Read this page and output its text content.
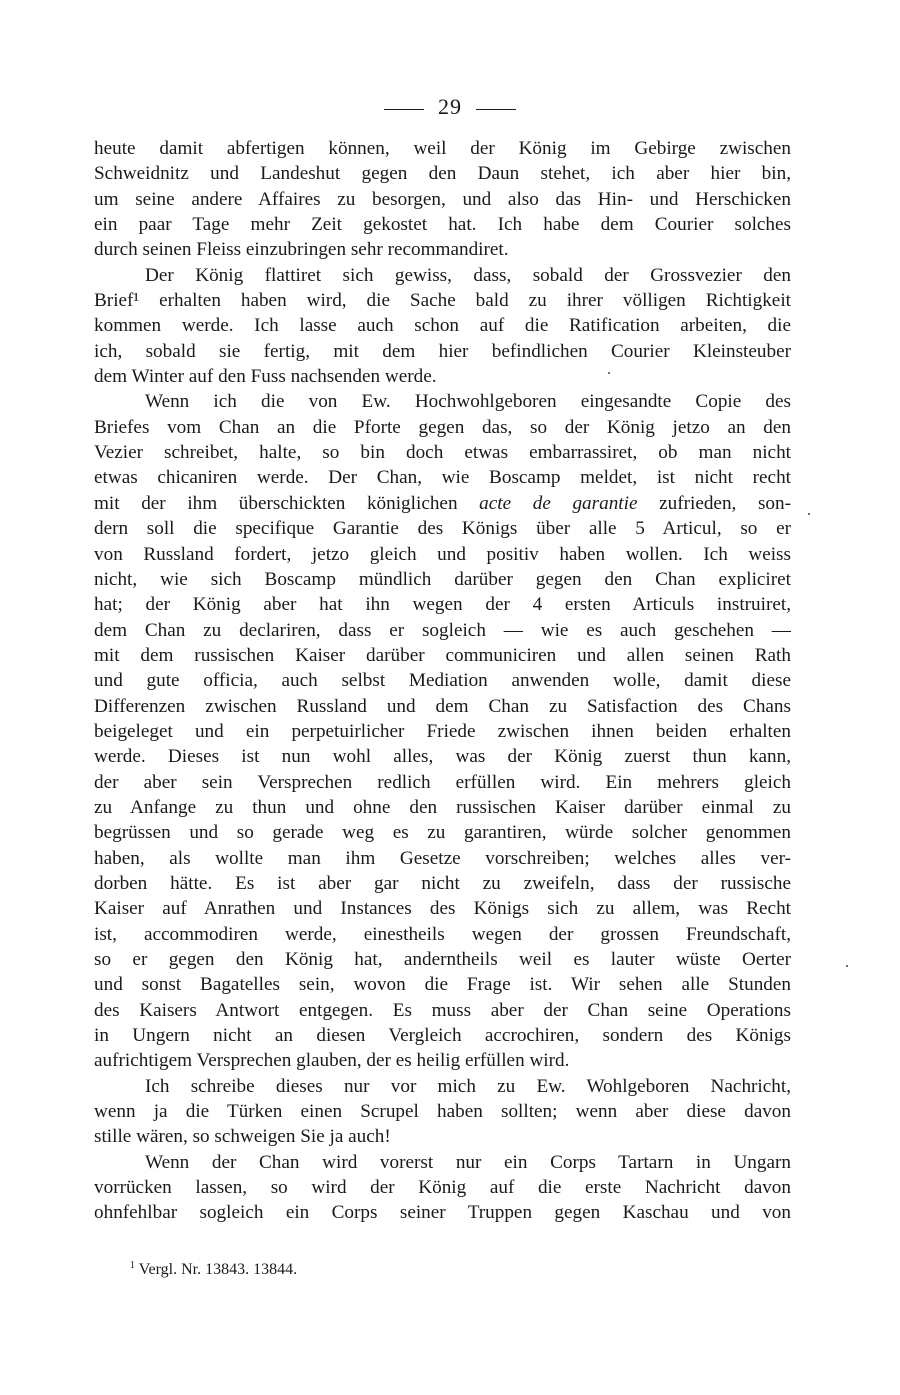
29
heute damit abfertigen können, weil der König im Gebirge zwischen
Schweidnitz und Landeshut gegen den Daun stehet, ich aber hier bin,
um seine andere Affaires zu besorgen, und also das Hin- und Herschicken
ein paar Tage mehr Zeit gekostet hat. Ich habe dem Courier solches
durch seinen Fleiss einzubringen sehr recommandiret.
Der König flattiret sich gewiss, dass, sobald der Grossvezier den
Brief¹ erhalten haben wird, die Sache bald zu ihrer völligen Richtigkeit
kommen werde. Ich lasse auch schon auf die Ratification arbeiten, die
ich, sobald sie fertig, mit dem hier befindlichen Courier Kleinsteuber
dem Winter auf den Fuss nachsenden werde.
Wenn ich die von Ew. Hochwohlgeboren eingesandte Copie des
Briefes vom Chan an die Pforte gegen das, so der König jetzo an den
Vezier schreibet, halte, so bin doch etwas embarrassiret, ob man nicht
etwas chicaniren werde. Der Chan, wie Boscamp meldet, ist nicht recht
mit der ihm überschickten königlichen acte de garantie zufrieden, son-
dern soll die specifique Garantie des Königs über alle 5 Articul, so er
von Russland fordert, jetzo gleich und positiv haben wollen. Ich weiss
nicht, wie sich Boscamp mündlich darüber gegen den Chan expliciret
hat; der König aber hat ihn wegen der 4 ersten Articuls instruiret,
dem Chan zu declariren, dass er sogleich — wie es auch geschehen —
mit dem russischen Kaiser darüber communiciren und allen seinen Rath
und gute officia, auch selbst Mediation anwenden wolle, damit diese
Differenzen zwischen Russland und dem Chan zu Satisfaction des Chans
beigeleget und ein perpetuirlicher Friede zwischen ihnen beiden erhalten
werde. Dieses ist nun wohl alles, was der König zuerst thun kann,
der aber sein Versprechen redlich erfüllen wird. Ein mehrers gleich
zu Anfange zu thun und ohne den russischen Kaiser darüber einmal zu
begrüssen und so gerade weg es zu garantiren, würde solcher genommen
haben, als wollte man ihm Gesetze vorschreiben; welches alles ver-
dorben hätte. Es ist aber gar nicht zu zweifeln, dass der russische
Kaiser auf Anrathen und Instances des Königs sich zu allem, was Recht
ist, accommodiren werde, einestheils wegen der grossen Freundschaft,
so er gegen den König hat, anderntheils weil es lauter wüste Oerter
und sonst Bagatelles sein, wovon die Frage ist. Wir sehen alle Stunden
des Kaisers Antwort entgegen. Es muss aber der Chan seine Operations
in Ungern nicht an diesen Vergleich accrochiren, sondern des Königs
aufrichtigem Versprechen glauben, der es heilig erfüllen wird.
Ich schreibe dieses nur vor mich zu Ew. Wohlgeboren Nachricht,
wenn ja die Türken einen Scrupel haben sollten; wenn aber diese davon
stille wären, so schweigen Sie ja auch!
Wenn der Chan wird vorerst nur ein Corps Tartarn in Ungarn
vorrücken lassen, so wird der König auf die erste Nachricht davon
ohnfehlbar sogleich ein Corps seiner Truppen gegen Kaschau und von
$^1$ Vergl. Nr. 13843. 13844.
